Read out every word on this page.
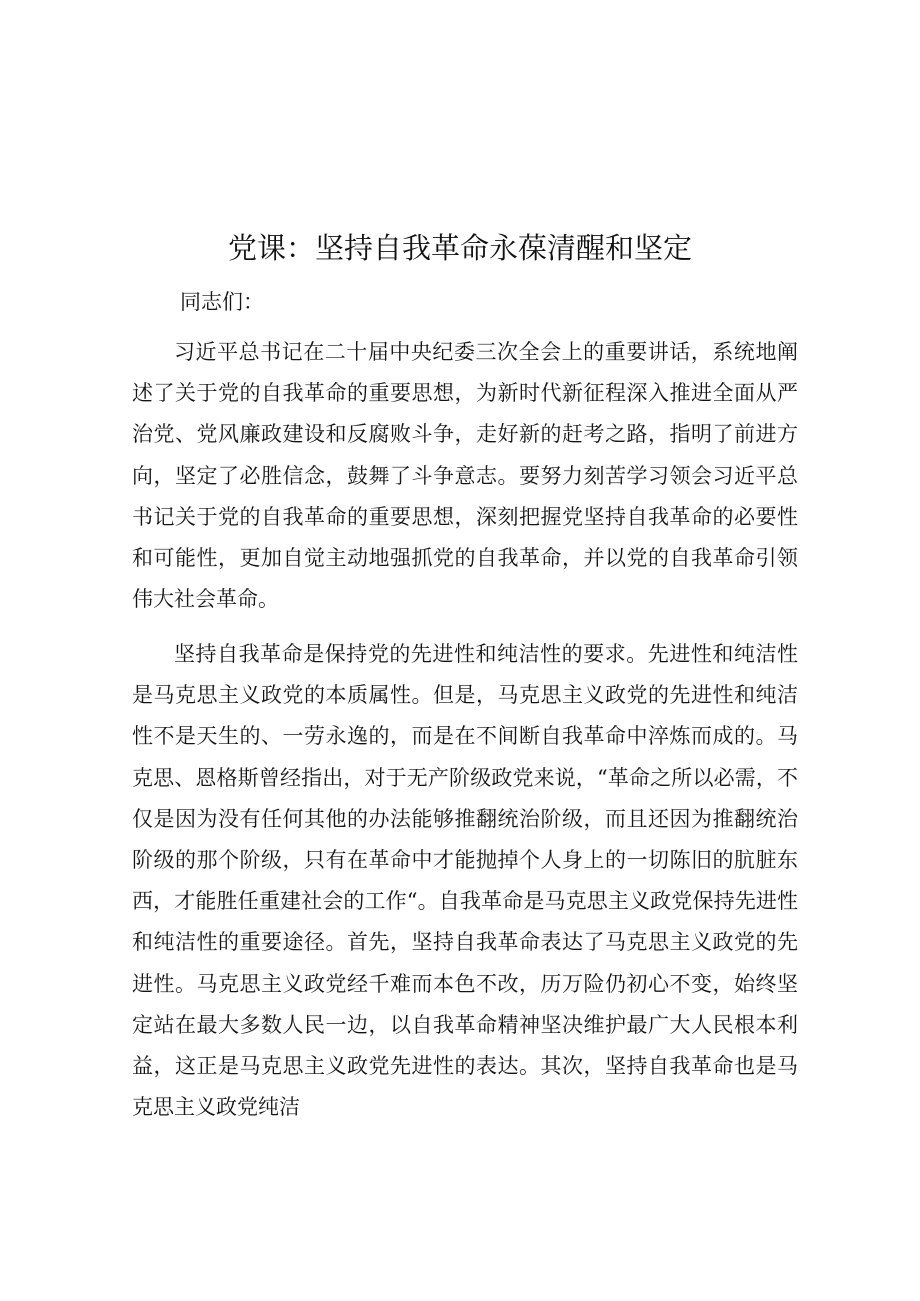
党课：坚持自我革命永葆清醒和坚定
同志们：

习近平总书记在二十届中央纪委三次全会上的重要讲话，系统地阐述了关于党的自我革命的重要思想，为新时代新征程深入推进全面从严治党、党风廉政建设和反腐败斗争，走好新的赶考之路，指明了前进方向，坚定了必胜信念，鼓舞了斗争意志。要努力刻苦学习领会习近平总书记关于党的自我革命的重要思想，深刻把握党坚持自我革命的必要性和可能性，更加自觉主动地强抓党的自我革命，并以党的自我革命引领伟大社会革命。

坚持自我革命是保持党的先进性和纯洁性的要求。先进性和纯洁性是马克思主义政党的本质属性。但是，马克思主义政党的先进性和纯洁性不是天生的、一劳永逸的，而是在不间断自我革命中淬炼而成的。马克思、恩格斯曾经指出，对于无产阶级政党来说，“革命之所以必需，不仅是因为没有任何其他的办法能够推翻统治阶级，而且还因为推翻统治阶级的那个阶级，只有在革命中才能抛掉个人身上的一切陈旧的肮脏东西，才能胜任重建社会的工作“。自我革命是马克思主义政党保持先进性和纯洁性的重要途径。首先，坚持自我革命表达了马克思主义政党的先进性。马克思主义政党经千难而本色不改，历万险仍初心不变，始终坚定站在最大多数人民一边，以自我革命精神坚决维护最广大人民根本利益，这正是马克思主义政党先进性的表达。其次，坚持自我革命也是马克思主义政党纯洁
